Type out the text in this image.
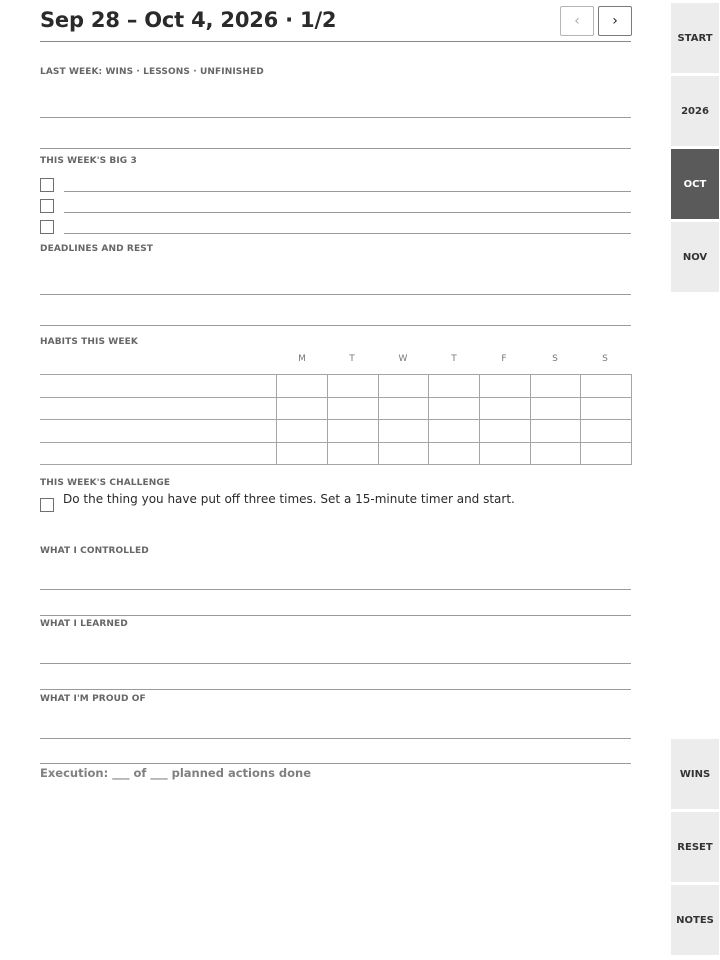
Sep 28 – Oct 4, 2026 · 1/2	‹ ›
LAST WEEK: WINS · LESSONS · UNFINISHED
THIS WEEK'S BIG 3
DEADLINES AND REST
HABITS THIS WEEK
M	T	W	T	F	S	S

THIS WEEK'S CHALLENGE
Do the thing you have put off three times. Set a 15-minute timer and start.
WHAT I CONTROLLED
WHAT I LEARNED
WHAT I'M PROUD OF
Execution: ___ of ___ planned actions done
START
2026
OCT
NOV
WINS
RESET
NOTES
